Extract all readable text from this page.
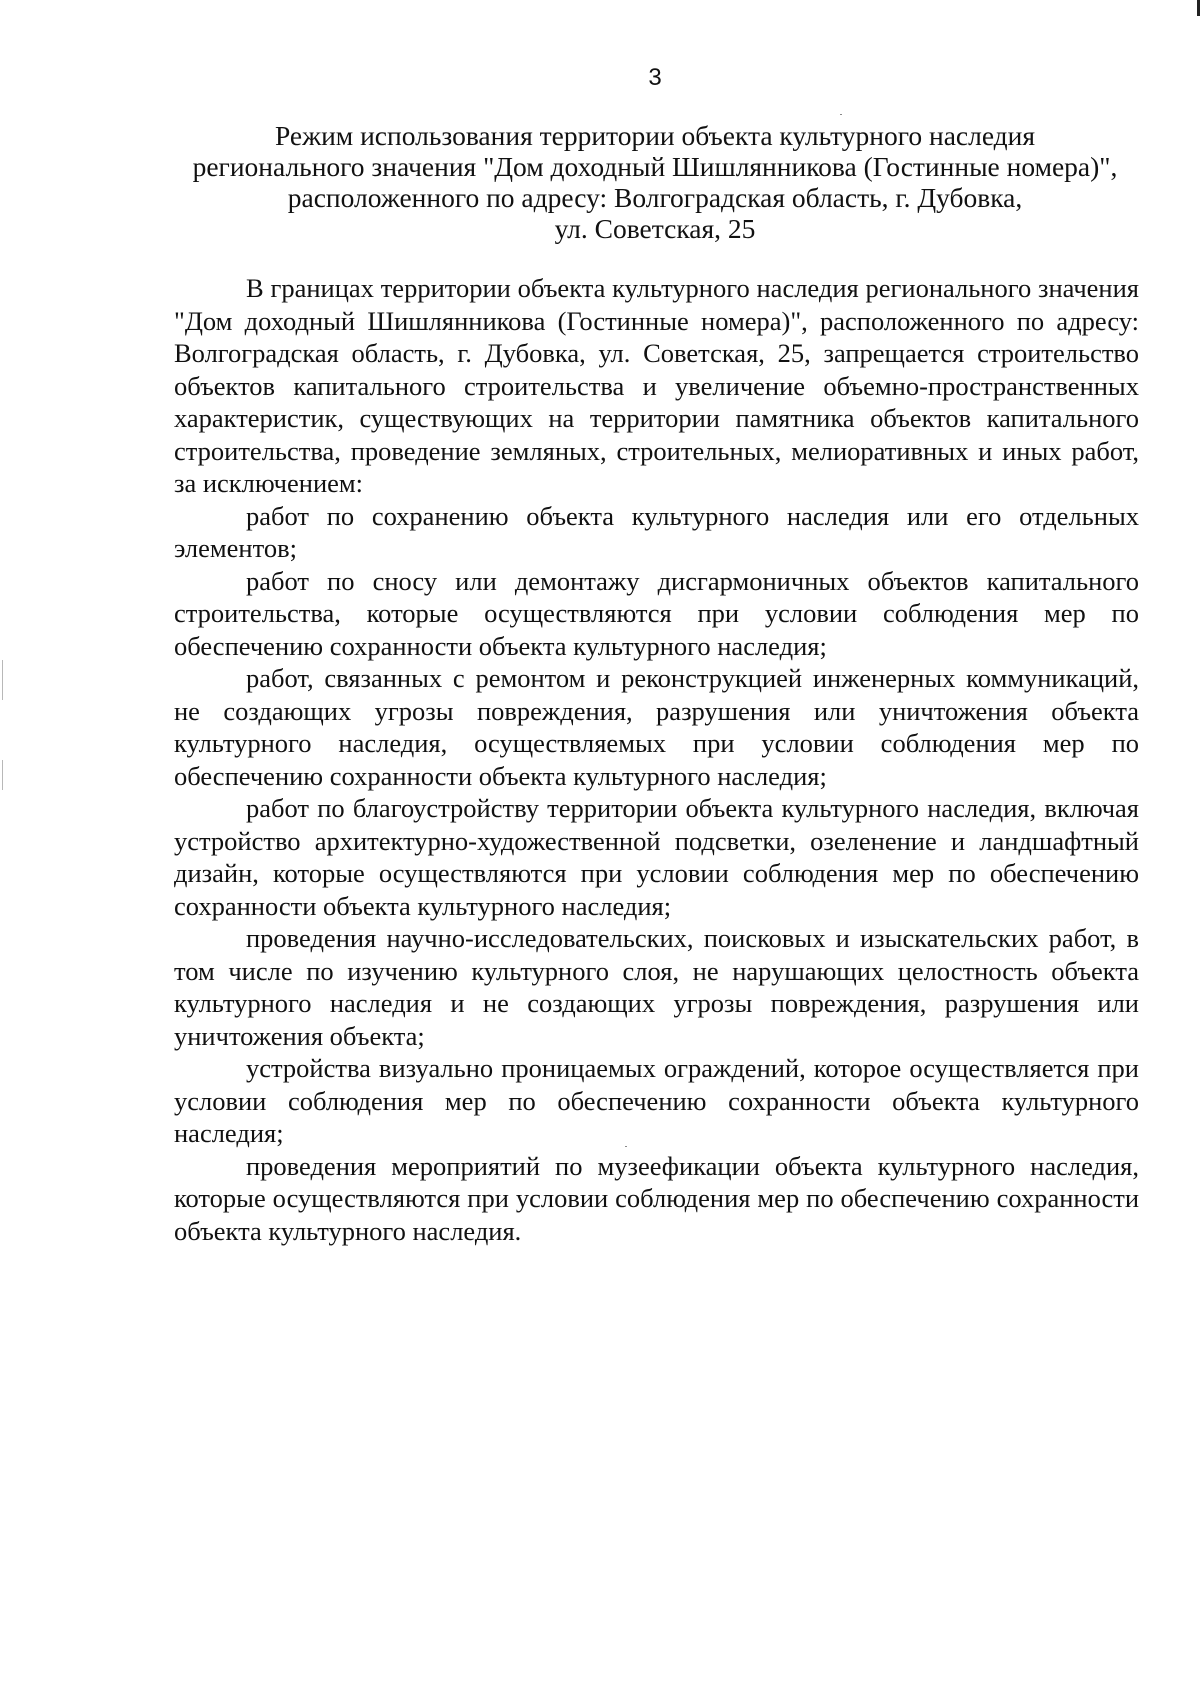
3
Режим использования территории объекта культурного наследия
регионального значения "Дом доходный Шишлянникова (Гостинные номера)",
расположенного по адресу: Волгоградская область, г. Дубовка,
ул. Советская, 25

В границах территории объекта культурного наследия регионального значения "Дом доходный Шишлянникова (Гостинные номера)", расположенного по адресу: Волгоградская область, г. Дубовка, ул. Советская, 25, запрещается строительство объектов капитального строительства и увеличение объемно-пространственных характеристик, существующих на территории памятника объектов капитального строительства, проведение земляных, строительных, мелиоративных и иных работ, за исключением:

работ по сохранению объекта культурного наследия или его отдельных элементов;

работ по сносу или демонтажу дисгармоничных объектов капитального строительства, которые осуществляются при условии соблюдения мер по обеспечению сохранности объекта культурного наследия;

работ, связанных с ремонтом и реконструкцией инженерных коммуникаций, не создающих угрозы повреждения, разрушения или уничтожения объекта культурного наследия, осуществляемых при условии соблюдения мер по обеспечению сохранности объекта культурного наследия;

работ по благоустройству территории объекта культурного наследия, включая устройство архитектурно-художественной подсветки, озеленение и ландшафтный дизайн, которые осуществляются при условии соблюдения мер по обеспечению сохранности объекта культурного наследия;

проведения научно-исследовательских, поисковых и изыскательских работ, в том числе по изучению культурного слоя, не нарушающих целостность объекта культурного наследия и не создающих угрозы повреждения, разрушения или уничтожения объекта;

устройства визуально проницаемых ограждений, которое осуществляется при условии соблюдения мер по обеспечению сохранности объекта культурного наследия;

проведения мероприятий по музеефикации объекта культурного наследия, которые осуществляются при условии соблюдения мер по обеспечению сохранности объекта культурного наследия.
